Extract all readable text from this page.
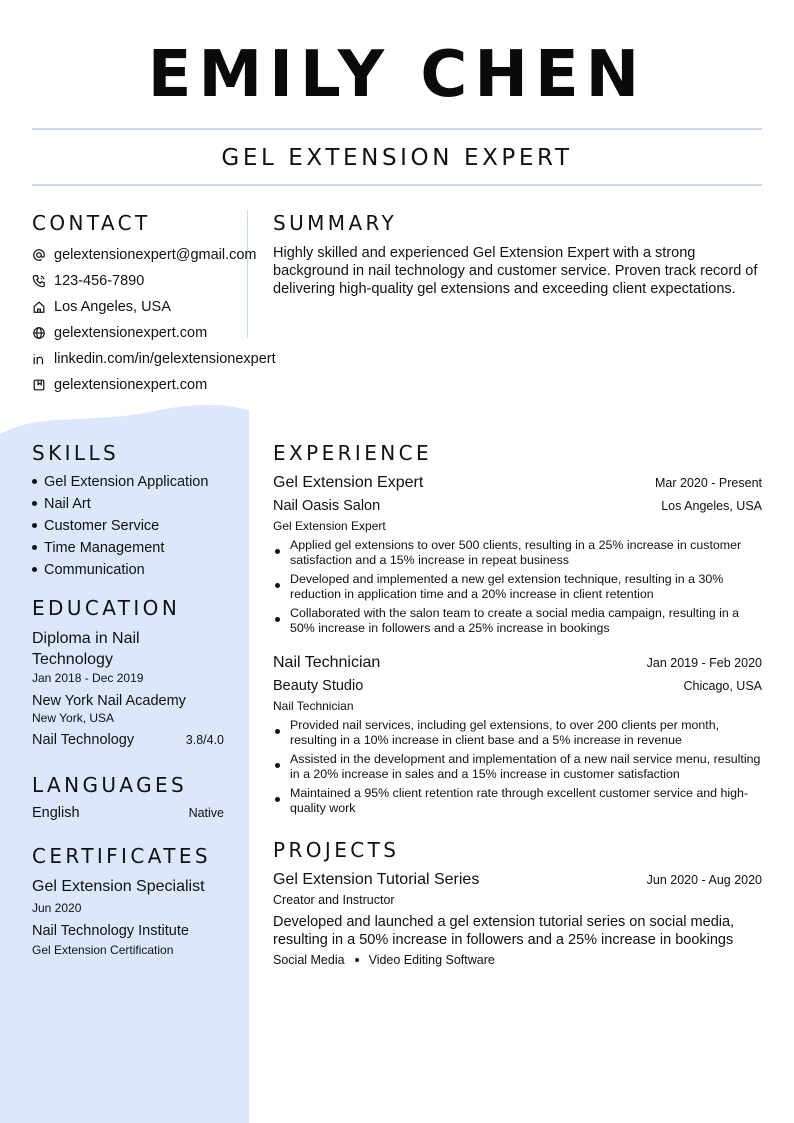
EMILY CHEN
GEL EXTENSION EXPERT
CONTACT
gelextensionexpert@gmail.com
123-456-7890
Los Angeles, USA
gelextensionexpert.com
linkedin.com/in/gelextensionexpert
gelextensionexpert.com
SUMMARY
Highly skilled and experienced Gel Extension Expert with a strong background in nail technology and customer service. Proven track record of delivering high-quality gel extensions and exceeding client expectations.
SKILLS
Gel Extension Application
Nail Art
Customer Service
Time Management
Communication
EDUCATION
Diploma in Nail Technology
Jan 2018 - Dec 2019
New York Nail Academy
New York, USA
Nail Technology	3.8/4.0
LANGUAGES
English	Native
CERTIFICATES
Gel Extension Specialist
Jun 2020
Nail Technology Institute
Gel Extension Certification
EXPERIENCE
Gel Extension Expert	Mar 2020 - Present
Nail Oasis Salon	Los Angeles, USA
Gel Extension Expert
Applied gel extensions to over 500 clients, resulting in a 25% increase in customer satisfaction and a 15% increase in repeat business
Developed and implemented a new gel extension technique, resulting in a 30% reduction in application time and a 20% increase in client retention
Collaborated with the salon team to create a social media campaign, resulting in a 50% increase in followers and a 25% increase in bookings
Nail Technician	Jan 2019 - Feb 2020
Beauty Studio	Chicago, USA
Nail Technician
Provided nail services, including gel extensions, to over 200 clients per month, resulting in a 10% increase in client base and a 5% increase in revenue
Assisted in the development and implementation of a new nail service menu, resulting in a 20% increase in sales and a 15% increase in customer satisfaction
Maintained a 95% client retention rate through excellent customer service and high-quality work
PROJECTS
Gel Extension Tutorial Series	Jun 2020 - Aug 2020
Creator and Instructor
Developed and launched a gel extension tutorial series on social media, resulting in a 50% increase in followers and a 25% increase in bookings
Social Media Video Editing Software
